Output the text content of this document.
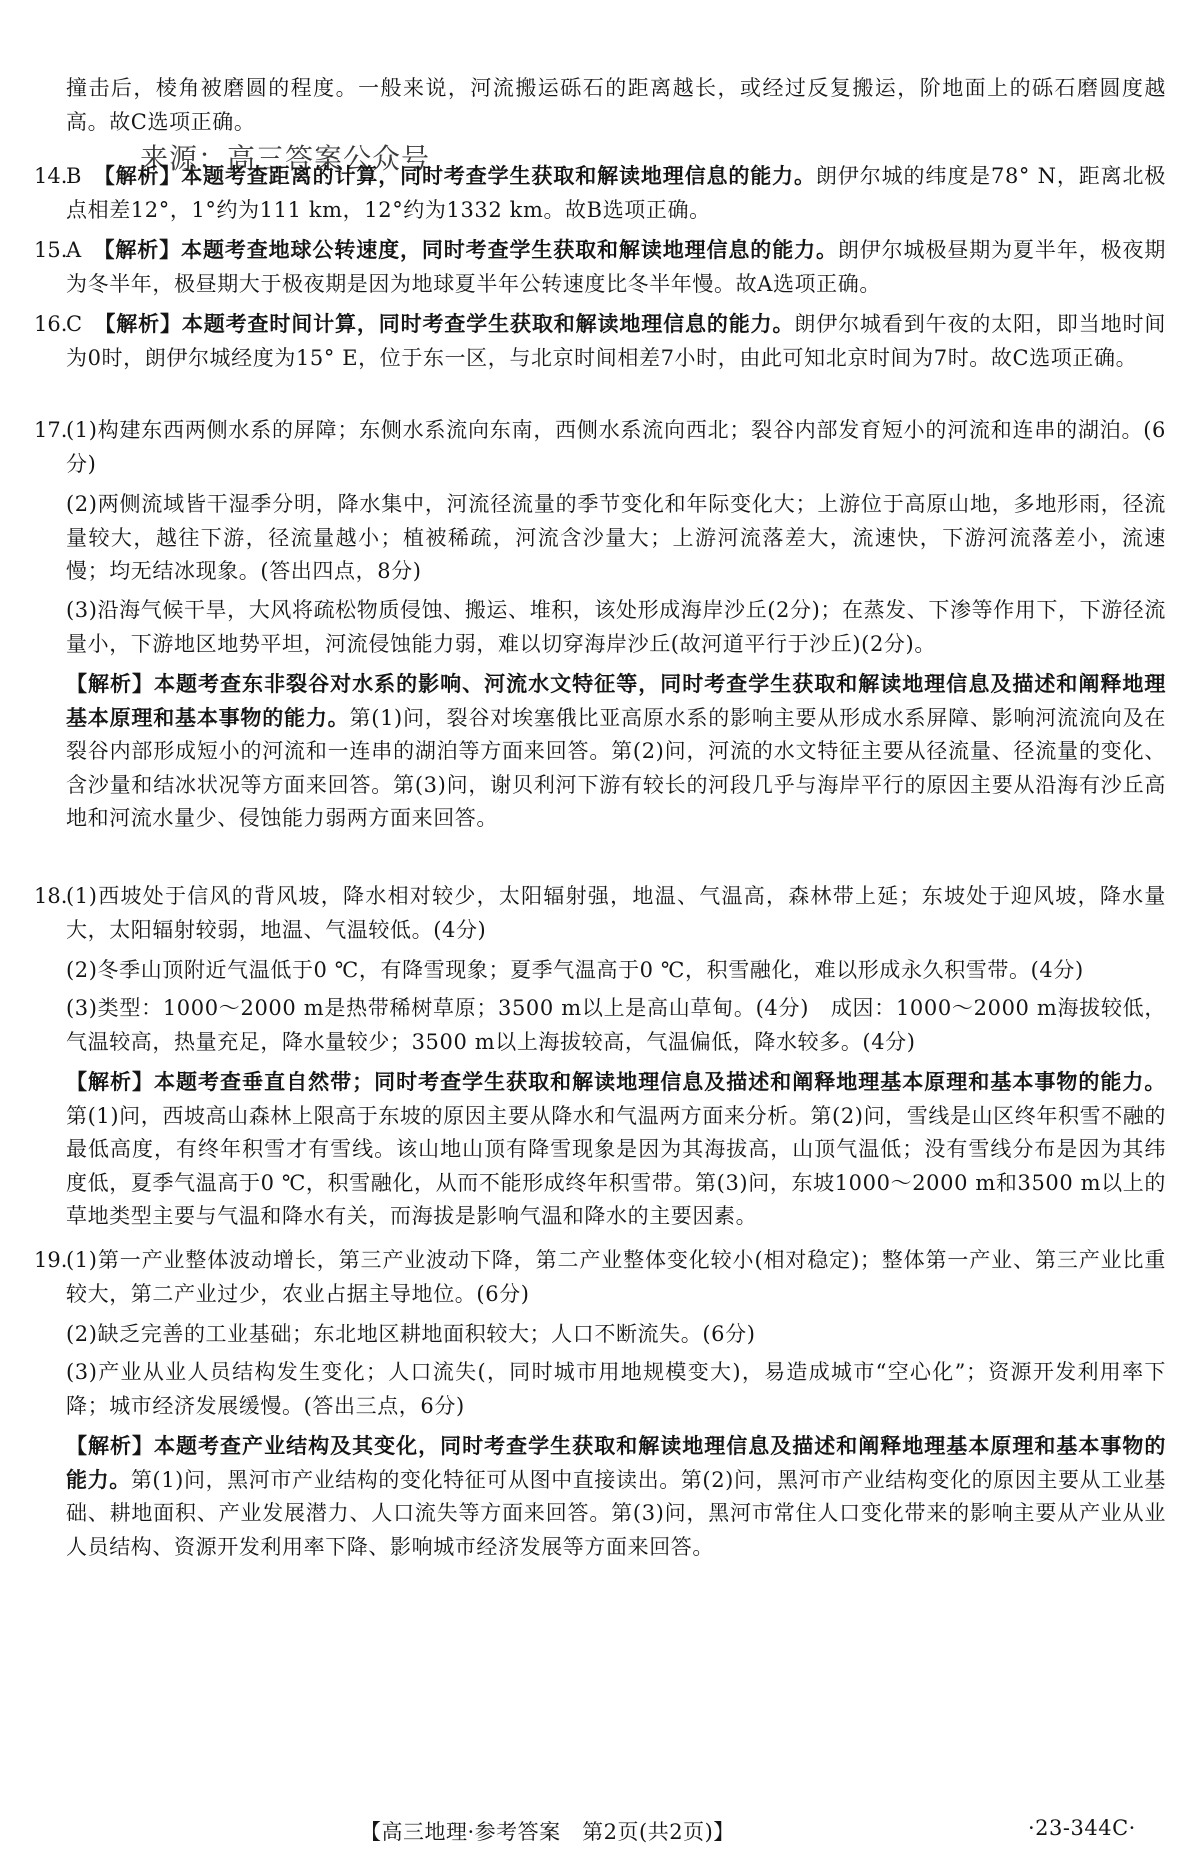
撞击后，棱角被磨圆的程度。一般来说，河流搬运砾石的距离越长，或经过反复搬运，阶地面上的砾石磨圆度越高。故C选项正确。

来源：高三答案公众号
14.

B　 【解析】本题考查距离的计算，同时考查学生获取和解读地理信息的能力。朗伊尔城的纬度是78° N，距离北极点相差12°，1°约为111 km，12°约为1332 km。故B选项正确。

15.

A　 【解析】本题考查地球公转速度，同时考查学生获取和解读地理信息的能力。朗伊尔城极昼期为夏半年，极夜期为冬半年，极昼期大于极夜期是因为地球夏半年公转速度比冬半年慢。故A选项正确。

16.

C　 【解析】本题考查时间计算，同时考查学生获取和解读地理信息的能力。朗伊尔城看到午夜的太阳，即当地时间为0时，朗伊尔城经度为15° E，位于东一区，与北京时间相差7小时，由此可知北京时间为7时。故C选项正确。

17.

(1)构建东西两侧水系的屏障；东侧水系流向东南，西侧水系流向西北；裂谷内部发育短小的河流和连串的湖泊。(6分)

(2)两侧流域皆干湿季分明，降水集中，河流径流量的季节变化和年际变化大；上游位于高原山地，多地形雨，径流量较大，越往下游，径流量越小；植被稀疏，河流含沙量大；上游河流落差大，流速快，下游河流落差小，流速慢；均无结冰现象。(答出四点，8分)

(3)沿海气候干旱，大风将疏松物质侵蚀、搬运、堆积，该处形成海岸沙丘(2分)；在蒸发、下渗等作用下，下游径流量小，下游地区地势平坦，河流侵蚀能力弱，难以切穿海岸沙丘(故河道平行于沙丘)(2分)。

【解析】本题考查东非裂谷对水系的影响、河流水文特征等，同时考查学生获取和解读地理信息及描述和阐释地理基本原理和基本事物的能力。第(1)问，裂谷对埃塞俄比亚高原水系的影响主要从形成水系屏障、影响河流流向及在裂谷内部形成短小的河流和一连串的湖泊等方面来回答。第(2)问，河流的水文特征主要从径流量、径流量的变化、含沙量和结冰状况等方面来回答。第(3)问，谢贝利河下游有较长的河段几乎与海岸平行的原因主要从沿海有沙丘高地和河流水量少、侵蚀能力弱两方面来回答。

18.

(1)西坡处于信风的背风坡，降水相对较少，太阳辐射强，地温、气温高，森林带上延；东坡处于迎风坡，降水量大，太阳辐射较弱，地温、气温较低。(4分)

(2)冬季山顶附近气温低于0 ℃，有降雪现象；夏季气温高于0 ℃，积雪融化，难以形成永久积雪带。(4分)

(3)类型：1000～2000 m是热带稀树草原；3500 m以上是高山草甸。(4分)　成因：1000～2000 m海拔较低，气温较高，热量充足，降水量较少；3500 m以上海拔较高，气温偏低，降水较多。(4分)

【解析】本题考查垂直自然带；同时考查学生获取和解读地理信息及描述和阐释地理基本原理和基本事物的能力。第(1)问，西坡高山森林上限高于东坡的原因主要从降水和气温两方面来分析。第(2)问，雪线是山区终年积雪不融的最低高度，有终年积雪才有雪线。该山地山顶有降雪现象是因为其海拔高，山顶气温低；没有雪线分布是因为其纬度低，夏季气温高于0 ℃，积雪融化，从而不能形成终年积雪带。第(3)问，东坡1000～2000 m和3500 m以上的草地类型主要与气温和降水有关，而海拔是影响气温和降水的主要因素。

19.

(1)第一产业整体波动增长，第三产业波动下降，第二产业整体变化较小(相对稳定)；整体第一产业、第三产业比重较大，第二产业过少，农业占据主导地位。(6分)

(2)缺乏完善的工业基础；东北地区耕地面积较大；人口不断流失。(6分)

(3)产业从业人员结构发生变化；人口流失(，同时城市用地规模变大)，易造成城市“空心化”；资源开发利用率下降；城市经济发展缓慢。(答出三点，6分)

【解析】本题考查产业结构及其变化，同时考查学生获取和解读地理信息及描述和阐释地理基本原理和基本事物的能力。第(1)问，黑河市产业结构的变化特征可从图中直接读出。第(2)问，黑河市产业结构变化的原因主要从工业基础、耕地面积、产业发展潜力、人口流失等方面来回答。第(3)问，黑河市常住人口变化带来的影响主要从产业从业人员结构、资源开发利用率下降、影响城市经济发展等方面来回答。

【高三地理·参考答案　第2页(共2页)】	·23-344C·
